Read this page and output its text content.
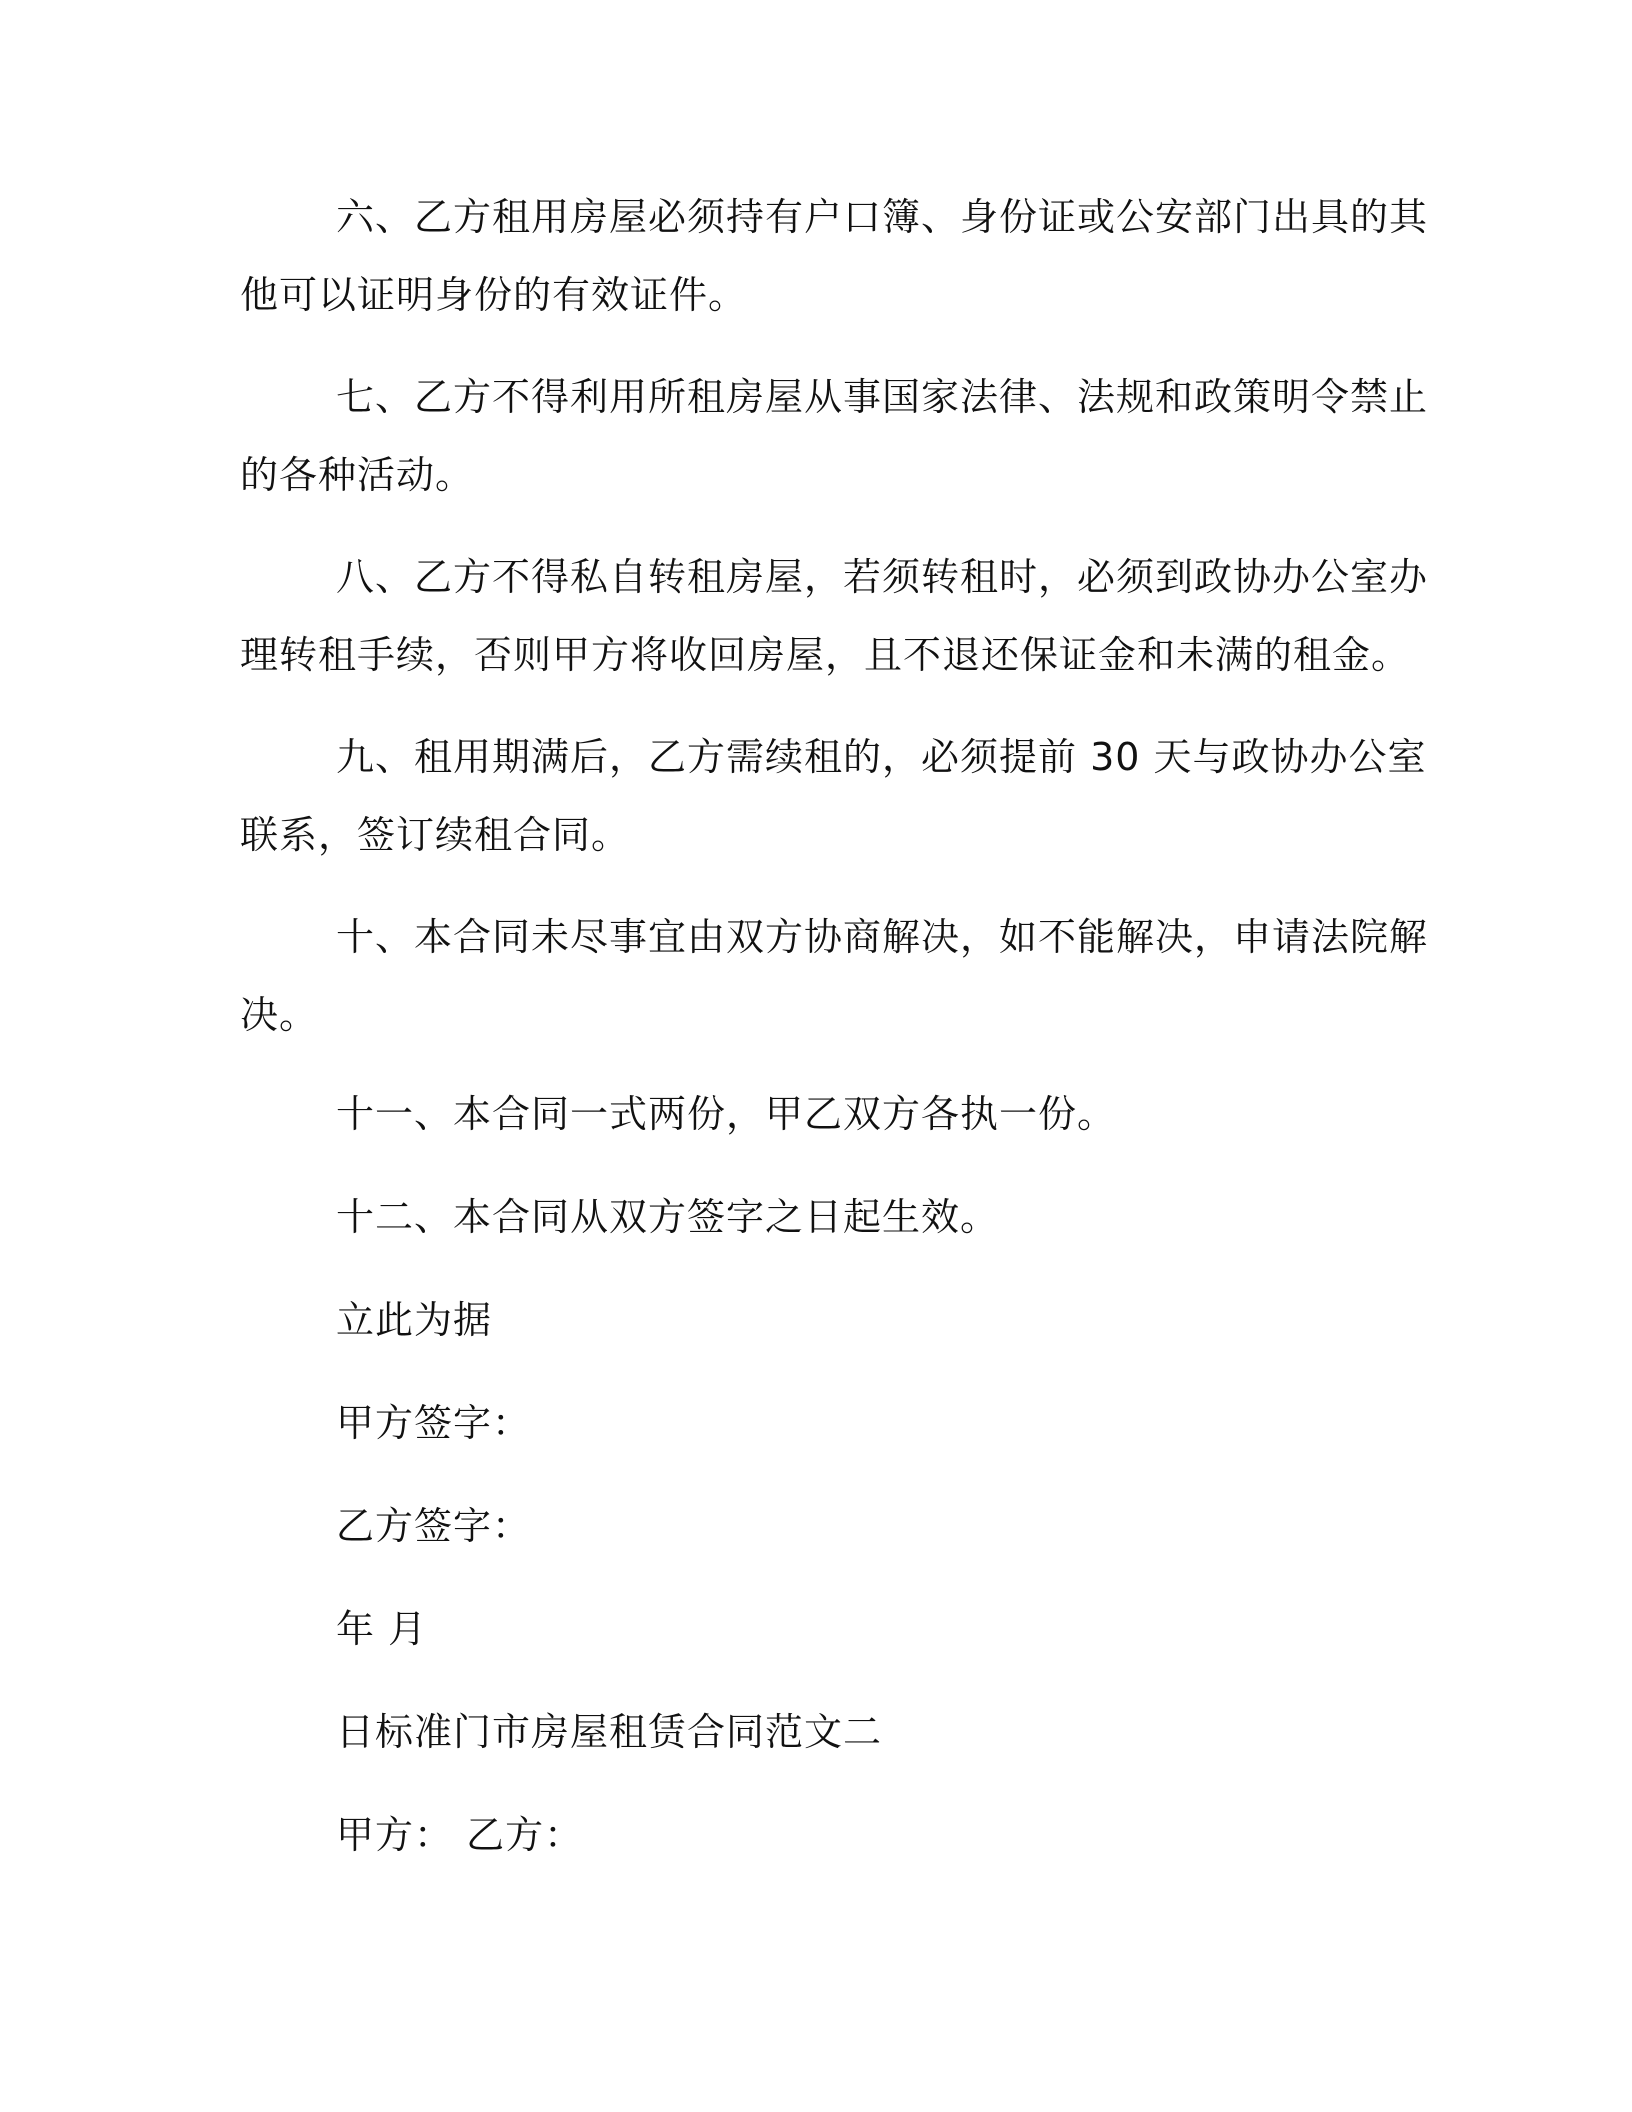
六、乙方租用房屋必须持有户口簿、身份证或公安部门出具的其
他可以证明身份的有效证件。

七、乙方不得利用所租房屋从事国家法律、法规和政策明令禁止
的各种活动。

八、乙方不得私自转租房屋，若须转租时，必须到政协办公室办
理转租手续，否则甲方将收回房屋，且不退还保证金和未满的租金。

九、租用期满后，乙方需续租的，必须提前 30 天与政协办公室
联系，签订续租合同。

十、本合同未尽事宜由双方协商解决，如不能解决，申请法院解
决。

十一、本合同一式两份，甲乙双方各执一份。

十二、本合同从双方签字之日起生效。

立此为据

甲方签字：

乙方签字：

年 月

日标准门市房屋租赁合同范文二

甲方： 乙方：
